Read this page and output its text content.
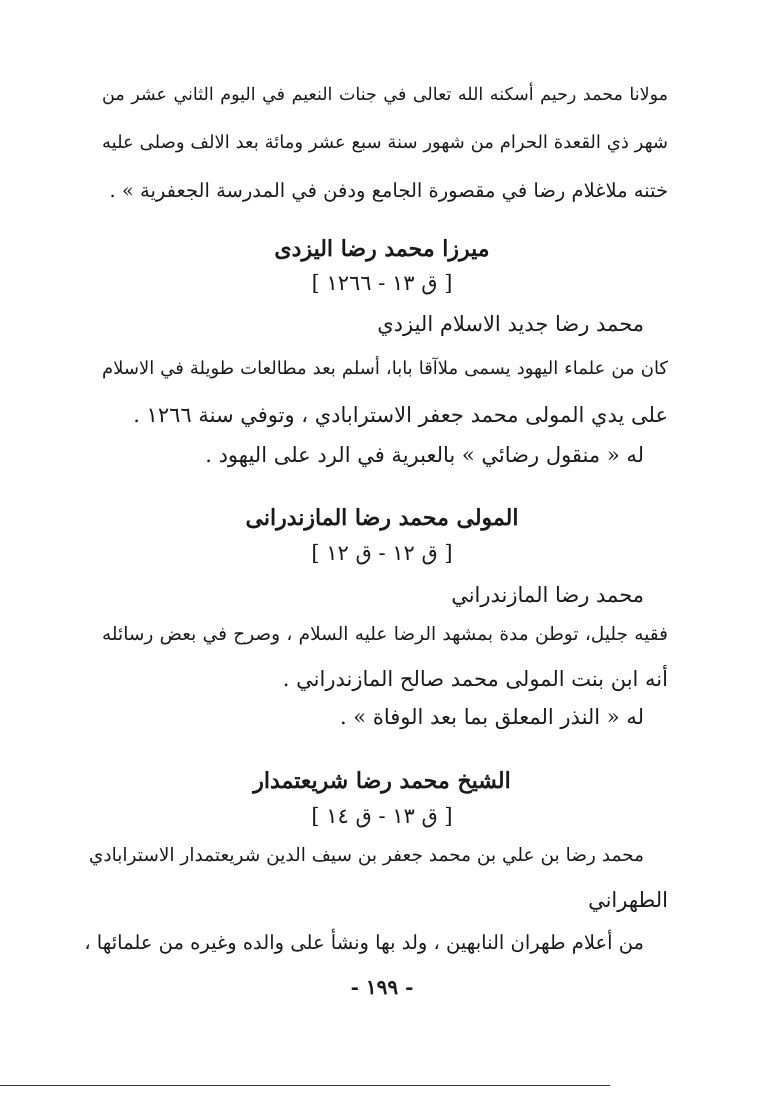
مولانا محمد رحيم أسكنه الله تعالى في جنات النعيم في اليوم الثاني عشر من
شهر ذي القعدة الحرام من شهور سنة سبع عشر ومائة بعد الالف وصلى عليه
ختنه ملاغلام رضا في مقصورة الجامع ودفن في المدرسة الجعفرية » .
ميرزا محمد رضا اليزدى
[ ق ١٣ - ١٢٦٦ ]
محمد رضا جديد الاسلام اليزدي
كان من علماء اليهود يسمى ملاآقا بابا، أسلم بعد مطالعات طويلة في الاسلام
على يدي المولى محمد جعفر الاسترابادي ، وتوفي سنة ١٢٦٦ .
له « منقول رضائي » بالعبرية في الرد على اليهود .
المولى محمد رضا المازندرانى
[ ق ١٢ - ق ١٢ ]
محمد رضا المازندراني
فقيه جليل، توطن مدة بمشهد الرضا عليه السلام ، وصرح في بعض رسائله
أنه ابن بنت المولى محمد صالح المازندراني .
له « النذر المعلق بما بعد الوفاة » .
الشيخ محمد رضا شريعتمدار
[ ق ١٣ - ق ١٤ ]
محمد رضا بن علي بن محمد جعفر بن سيف الدين شريعتمدار الاسترابادي
الطهراني
من أعلام طهران النابهين ، ولد بها ونشأ على والده وغيره من علمائها ،
- ١٩٩ -
